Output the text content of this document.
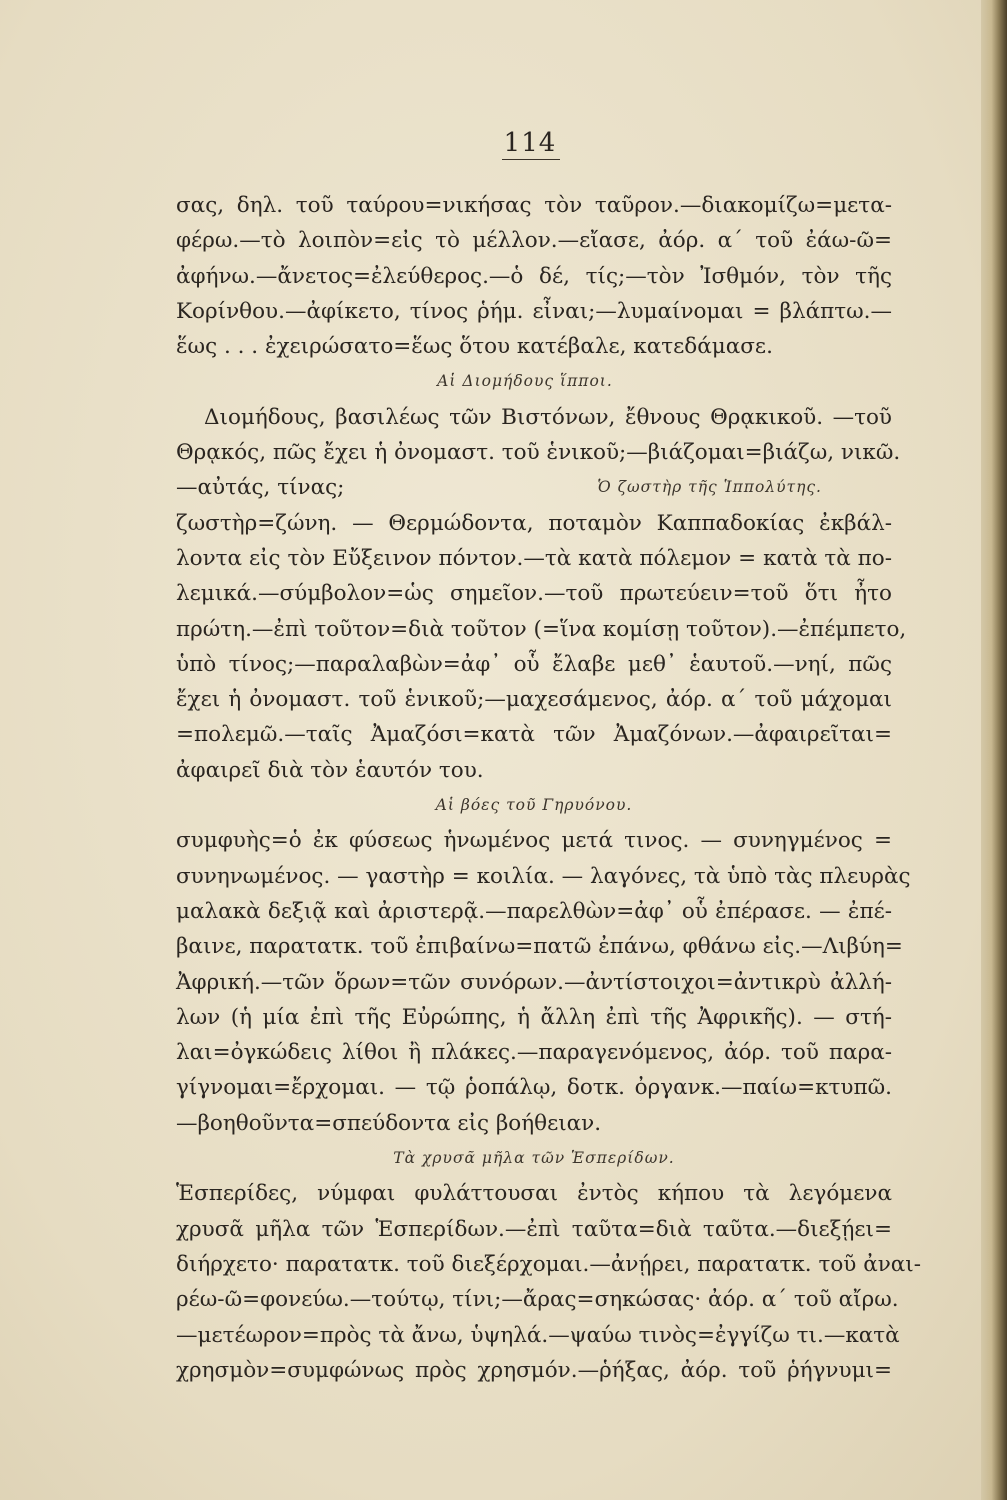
114
σας, δηλ. τοῦ ταύρου=νικήσας τὸν ταῦρον.—διακομίζω=μετα-
φέρω.—τὸ λοιπὸν=εἰς τὸ μέλλον.—εἴασε, ἀόρ. α΄ τοῦ ἐάω-ῶ=
ἀφήνω.—ἄνετος=ἐλεύθερος.—ὁ δέ, τίς;—τὸν Ἰσθμόν, τὸν τῆς
Κορίνθου.—ἀφίκετο, τίνος ῥήμ. εἶναι;—λυμαίνομαι = βλάπτω.—
ἕως . . . ἐχειρώσατο=ἕως ὅτου κατέβαλε, κατεδάμασε.
Αἱ Διομήδους ἵπποι.
Διομήδους, βασιλέως τῶν Βιστόνων, ἔθνους Θρᾳκικοῦ. —τοῦ
Θρᾳκός, πῶς ἔχει ἡ ὀνομαστ. τοῦ ἑνικοῦ;—βιάζομαι=βιάζω, νικῶ.
—αὐτάς, τίνας;	Ὁ ζωστὴρ τῆς Ἱππολύτης.
ζωστὴρ=ζώνη. — Θερμώδοντα, ποταμὸν Καππαδοκίας ἐκβάλ-
λοντα εἰς τὸν Εὔξεινον πόντον.—τὰ κατὰ πόλεμον = κατὰ τὰ πο-
λεμικά.—σύμβολον=ὡς σημεῖον.—τοῦ πρωτεύειν=τοῦ ὅτι ἦτο
πρώτη.—ἐπὶ τοῦτον=διὰ τοῦτον (=ἵνα κομίσῃ τοῦτον).—ἐπέμπετο,
ὑπὸ τίνος;—παραλαβὼν=ἀφ᾽ οὗ ἔλαβε μεθ᾽ ἑαυτοῦ.—νηί, πῶς
ἔχει ἡ ὀνομαστ. τοῦ ἑνικοῦ;—μαχεσάμενος, ἀόρ. α΄ τοῦ μάχομαι
=πολεμῶ.—ταῖς Ἀμαζόσι=κατὰ τῶν Ἀμαζόνων.—ἀφαιρεῖται=
ἀφαιρεῖ διὰ τὸν ἑαυτόν του.
Αἱ βόες τοῦ Γηρυόνου.
συμφυὴς=ὁ ἐκ φύσεως ἡνωμένος μετά τινος. — συνηγμένος =
συνηνωμένος. — γαστὴρ = κοιλία. — λαγόνες, τὰ ὑπὸ τὰς πλευρὰς
μαλακὰ δεξιᾷ καὶ ἀριστερᾷ.—παρελθὼν=ἀφ᾽ οὗ ἐπέρασε. — ἐπέ-
βαινε, παρατατκ. τοῦ ἐπιβαίνω=πατῶ ἐπάνω, φθάνω εἰς.—Λιβύη=
Ἀφρική.—τῶν ὅρων=τῶν συνόρων.—ἀντίστοιχοι=ἀντικρὺ ἀλλή-
λων (ἡ μία ἐπὶ τῆς Εὐρώπης, ἡ ἄλλη ἐπὶ τῆς Ἀφρικῆς). — στή-
λαι=ὀγκώδεις λίθοι ἢ πλάκες.—παραγενόμενος, ἀόρ. τοῦ παρα-
γίγνομαι=ἔρχομαι. — τῷ ῥοπάλῳ, δοτκ. ὀργανκ.—παίω=κτυπῶ.
—βοηθοῦντα=σπεύδοντα εἰς βοήθειαν.
Τὰ χρυσᾶ μῆλα τῶν Ἑσπερίδων.
Ἑσπερίδες, νύμφαι φυλάττουσαι ἐντὸς κήπου τὰ λεγόμενα
χρυσᾶ μῆλα τῶν Ἑσπερίδων.—ἐπὶ ταῦτα=διὰ ταῦτα.—διεξῄει=
διήρχετο· παρατατκ. τοῦ διεξέρχομαι.—ἀνῄρει, παρατατκ. τοῦ ἀναι-
ρέω-ῶ=φονεύω.—τούτῳ, τίνι;—ἄρας=σηκώσας· ἀόρ. α΄ τοῦ αἴρω.
—μετέωρον=πρὸς τὰ ἄνω, ὑψηλά.—ψαύω τινὸς=ἐγγίζω τι.—κατὰ
χρησμὸν=συμφώνως πρὸς χρησμόν.—ῥήξας, ἀόρ. τοῦ ῥήγνυμι=
